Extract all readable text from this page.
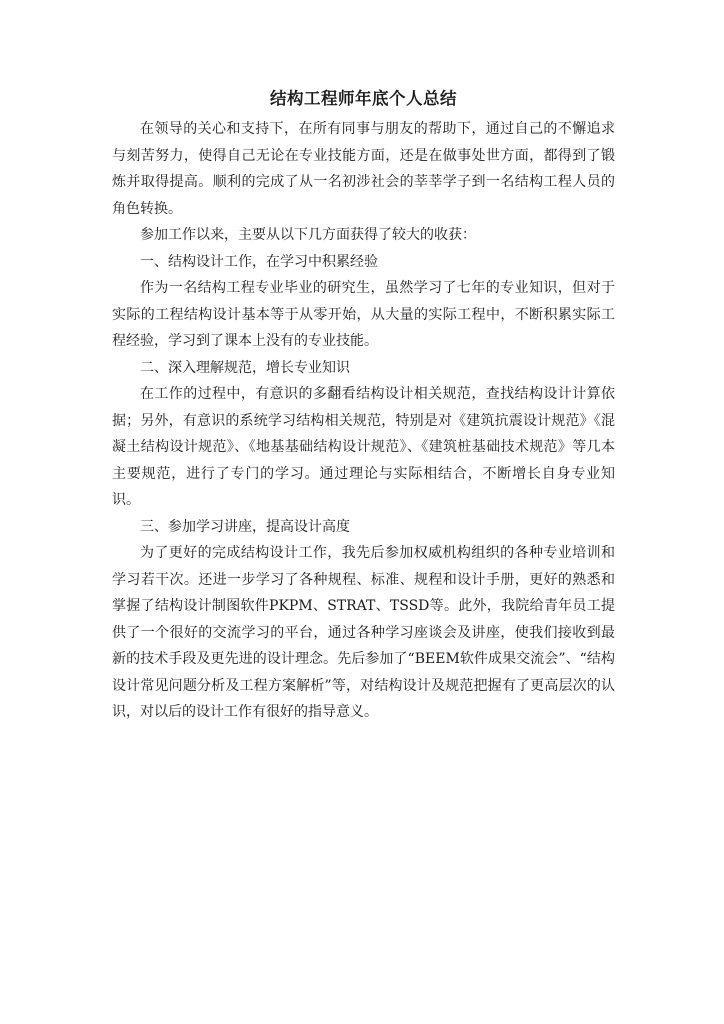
结构工程师年底个人总结

在领导的关心和支持下，在所有同事与朋友的帮助下，通过自己的不懈追求与刻苦努力，使得自己无论在专业技能方面，还是在做事处世方面，都得到了锻炼并取得提高。顺利的完成了从一名初涉社会的莘莘学子到一名结构工程人员的角色转换。

参加工作以来，主要从以下几方面获得了较大的收获：

一、结构设计工作，在学习中积累经验

作为一名结构工程专业毕业的研究生，虽然学习了七年的专业知识，但对于实际的工程结构设计基本等于从零开始，从大量的实际工程中，不断积累实际工程经验，学习到了课本上没有的专业技能。

二、深入理解规范，增长专业知识

在工作的过程中，有意识的多翻看结构设计相关规范，查找结构设计计算依据；另外，有意识的系统学习结构相关规范，特别是对《建筑抗震设计规范》《混凝土结构设计规范》、《地基基础结构设计规范》、《建筑桩基础技术规范》等几本主要规范，进行了专门的学习。通过理论与实际相结合，不断增长自身专业知识。

三、参加学习讲座，提高设计高度

为了更好的完成结构设计工作，我先后参加权威机构组织的各种专业培训和学习若干次。还进一步学习了各种规程、标准、规程和设计手册，更好的熟悉和掌握了结构设计制图软件PKPM、STRAT、TSSD等。此外，我院给青年员工提供了一个很好的交流学习的平台，通过各种学习座谈会及讲座，使我们接收到最新的技术手段及更先进的设计理念。先后参加了“BEEM软件成果交流会”、“结构设计常见问题分析及工程方案解析”等，对结构设计及规范把握有了更高层次的认识，对以后的设计工作有很好的指导意义。
